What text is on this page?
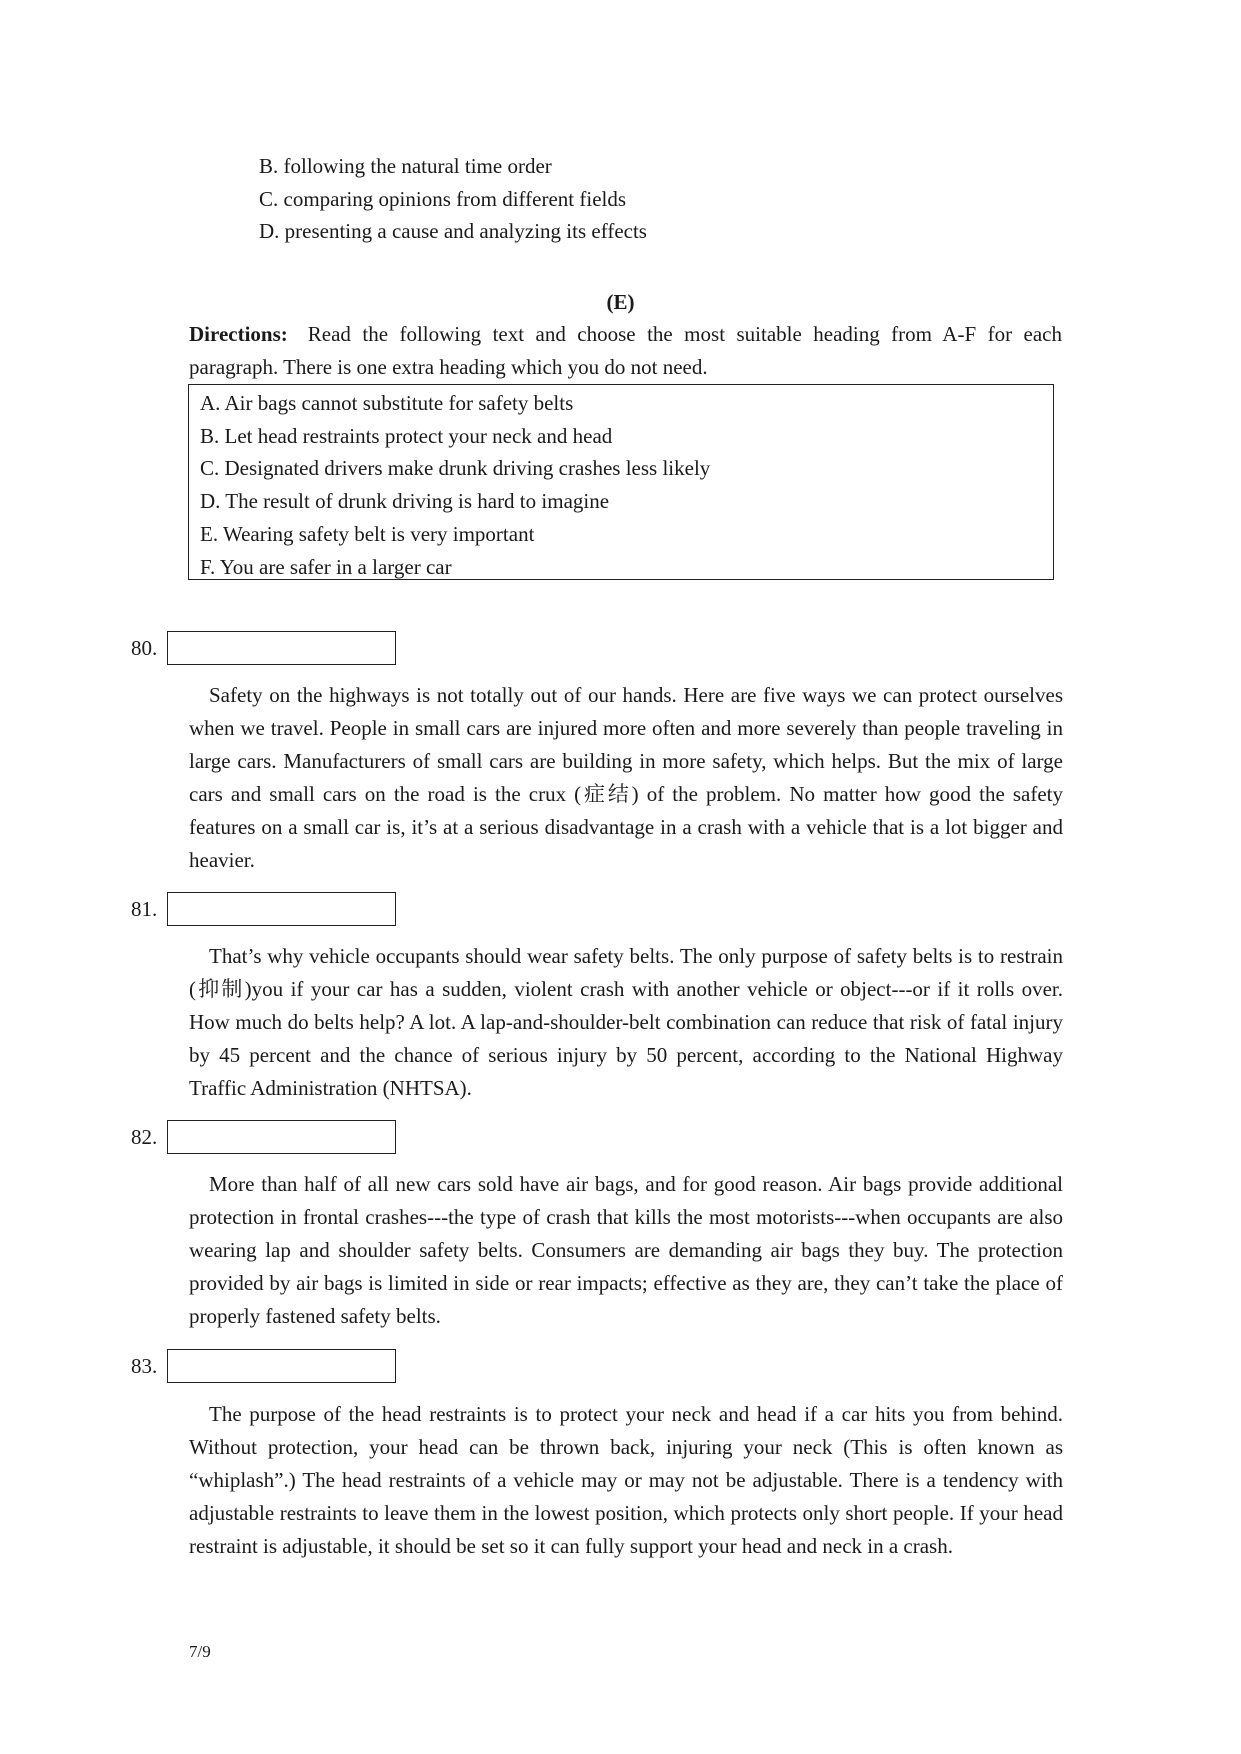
B. following the natural time order
C. comparing opinions from different fields
D. presenting a cause and analyzing its effects
(E)
Directions: Read the following text and choose the most suitable heading from A-F for each paragraph. There is one extra heading which you do not need.
A. Air bags cannot substitute for safety belts
B. Let head restraints protect your neck and head
C. Designated drivers make drunk driving crashes less likely
D. The result of drunk driving is hard to imagine
E. Wearing safety belt is very important
F. You are safer in a larger car
80.

Safety on the highways is not totally out of our hands. Here are five ways we can protect ourselves when we travel. People in small cars are injured more often and more severely than people traveling in large cars. Manufacturers of small cars are building in more safety, which helps. But the mix of large cars and small cars on the road is the crux (症结) of the problem. No matter how good the safety features on a small car is, it’s at a serious disadvantage in a crash with a vehicle that is a lot bigger and heavier.

81.

That’s why vehicle occupants should wear safety belts. The only purpose of safety belts is to restrain (抑制)you if your car has a sudden, violent crash with another vehicle or object---or if it rolls over. How much do belts help? A lot. A lap-and-shoulder-belt combination can reduce that risk of fatal injury by 45 percent and the chance of serious injury by 50 percent, according to the National Highway Traffic Administration (NHTSA).

82.

More than half of all new cars sold have air bags, and for good reason. Air bags provide additional protection in frontal crashes---the type of crash that kills the most motorists---when occupants are also wearing lap and shoulder safety belts. Consumers are demanding air bags they buy. The protection provided by air bags is limited in side or rear impacts; effective as they are, they can’t take the place of properly fastened safety belts.

83.

The purpose of the head restraints is to protect your neck and head if a car hits you from behind. Without protection, your head can be thrown back, injuring your neck (This is often known as “whiplash”.) The head restraints of a vehicle may or may not be adjustable. There is a tendency with adjustable restraints to leave them in the lowest position, which protects only short people. If your head restraint is adjustable, it should be set so it can fully support your head and neck in a crash.

7/9
